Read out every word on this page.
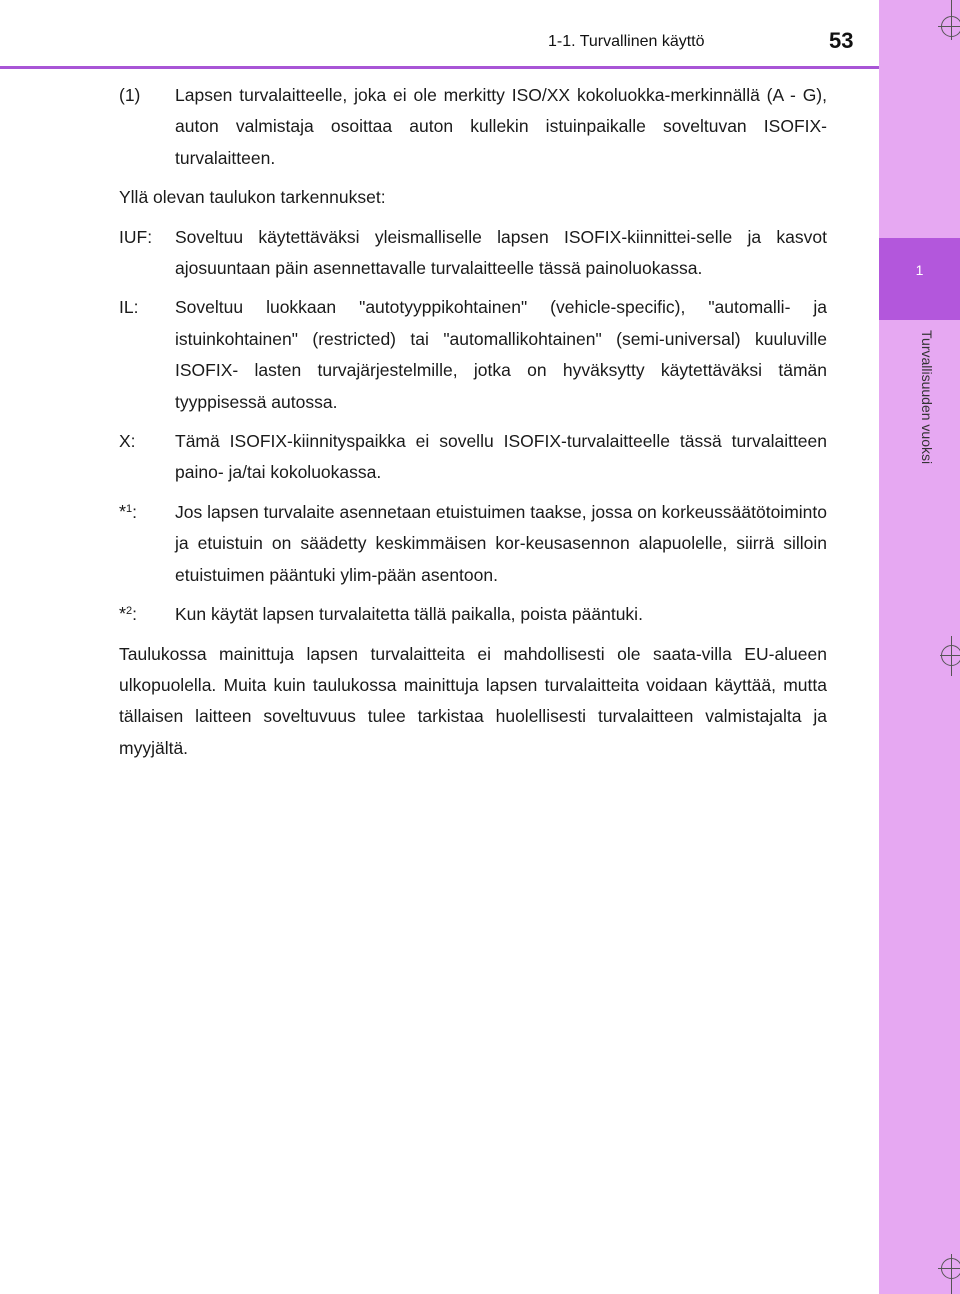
1
Turvallisuuden vuoksi
1-1. Turvallinen käyttö	53
(1)	Lapsen turvalaitteelle, joka ei ole merkitty ISO/XX kokoluokka-merkinnällä (A - G), auton valmistaja osoittaa auton kullekin istuinpaikalle soveltuvan ISOFIX-turvalaitteen.
Yllä olevan taulukon tarkennukset:
IUF:	Soveltuu käytettäväksi yleismalliselle lapsen ISOFIX-kiinnittei-selle ja kasvot ajosuuntaan päin asennettavalle turvalaitteelle tässä painoluokassa.
IL:	Soveltuu luokkaan "autotyyppikohtainen" (vehicle-specific), "automalli- ja istuinkohtainen" (restricted) tai "automallikohtainen" (semi-universal) kuuluville ISOFIX- lasten turvajärjestelmille, jotka on hyväksytty käytettäväksi tämän tyyppisessä autossa.
X:	Tämä ISOFIX-kiinnityspaikka ei sovellu ISOFIX-turvalaitteelle tässä turvalaitteen paino- ja/tai kokoluokassa.
*$^1$:	Jos lapsen turvalaite asennetaan etuistuimen taakse, jossa on korkeussäätötoiminto ja etuistuin on säädetty keskimmäisen kor-keusasennon alapuolelle, siirrä silloin etuistuimen pääntuki ylim-pään asentoon.
*$^2$:	Kun käytät lapsen turvalaitetta tällä paikalla, poista pääntuki.
Taulukossa mainittuja lapsen turvalaitteita ei mahdollisesti ole saata-villa EU-alueen ulkopuolella. Muita kuin taulukossa mainittuja lapsen turvalaitteita voidaan käyttää, mutta tällaisen laitteen soveltuvuus tulee tarkistaa huolellisesti turvalaitteen valmistajalta ja myyjältä.
carmanualsonline.info
